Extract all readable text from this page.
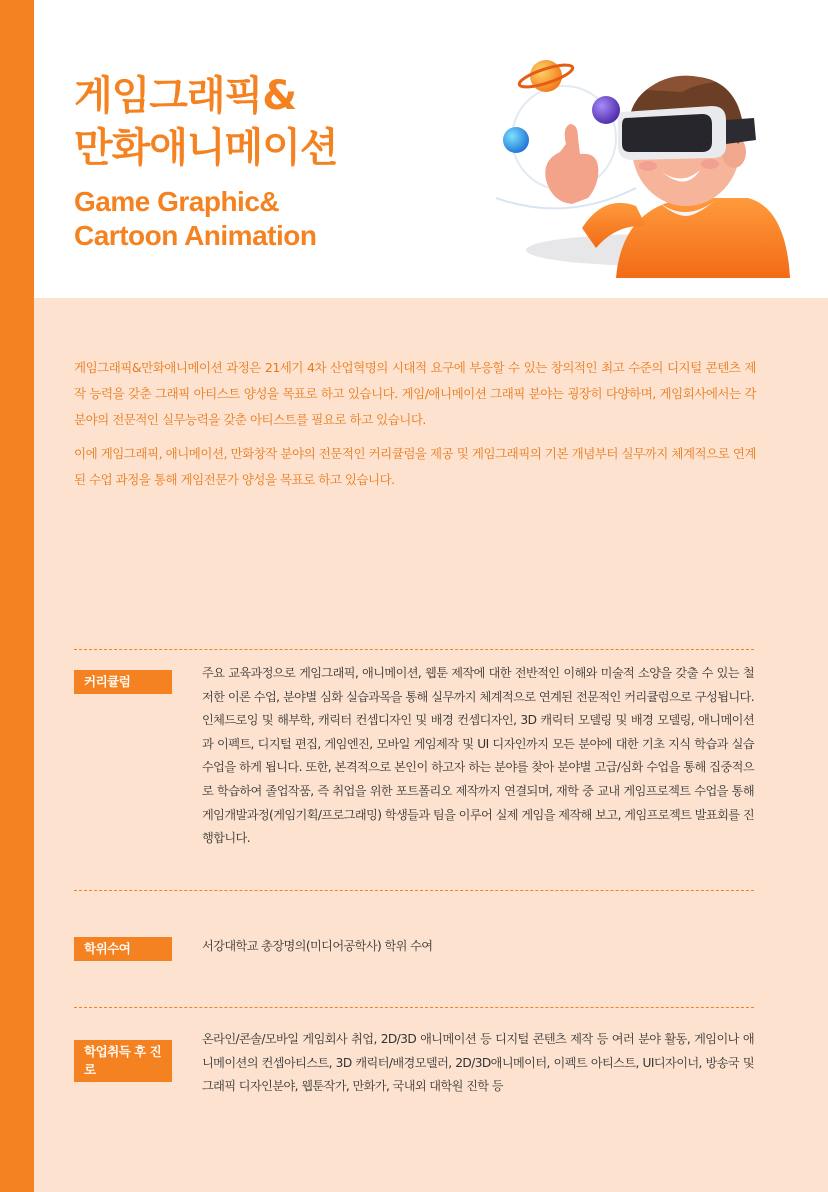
게임그래픽&
만화애니메이션
Game Graphic&
Cartoon Animation

게임그래픽&만화애니메이션 과정은 21세기 4차 산업혁명의 시대적 요구에 부응할 수 있는 창의적인 최고 수준의 디지털 콘텐츠 제작 능력을 갖춘 그래픽 아티스트 양성을 목표로 하고 있습니다. 게임/애니메이션 그래픽 분야는 굉장히 다양하며, 게임회사에서는 각 분야의 전문적인 실무능력을 갖춘 아티스트를 필요로 하고 있습니다.

이에 게임그래픽, 애니메이션, 만화창작 분야의 전문적인 커리큘럼을 제공 및 게임그래픽의 기본 개념부터 실무까지 체계적으로 연계된 수업 과정을 통해 게임전문가 양성을 목표로 하고 있습니다.

커리큘럼
주요 교육과정으로 게임그래픽, 애니메이션, 웹툰 제작에 대한 전반적인 이해와 미술적 소양을 갖출 수 있는 철저한 이론 수업, 분야별 심화 실습과목을 통해 실무까지 체계적으로 연계된 전문적인 커리큘럼으로 구성됩니다. 인체드로잉 및 해부학, 캐릭터 컨셉디자인 및 배경 컨셉디자인, 3D 캐릭터 모델링 및 배경 모델링, 애니메이션과 이펙트, 디지털 편집, 게임엔진, 모바일 게임제작 및 UI 디자인까지 모든 분야에 대한 기초 지식 학습과 실습수업을 하게 됩니다. 또한, 본격적으로 본인이 하고자 하는 분야를 찾아 분야별 고급/심화 수업을 통해 집중적으로 학습하여 졸업작품, 즉 취업을 위한 포트폴리오 제작까지 연결되며, 재학 중 교내 게임프로젝트 수업을 통해게임개발과정(게임기획/프로그래밍) 학생들과 팀을 이루어 실제 게임을 제작해 보고, 게임프로젝트 발표회를 진행합니다.
학위수여	서강대학교 총장명의(미디어공학사) 학위 수여
학업취득 후 진로
온라인/콘솔/모바일 게임회사 취업, 2D/3D 애니메이션 등 디지털 콘텐츠 제작 등 여러 분야 활동, 게임이나 애니메이션의 컨셉아티스트, 3D 캐릭터/배경모델러, 2D/3D애니메이터, 이펙트 아티스트, UI디자이너, 방송국 및 그래픽 디자인분야, 웹툰작가, 만화가, 국내외 대학원 진학 등
